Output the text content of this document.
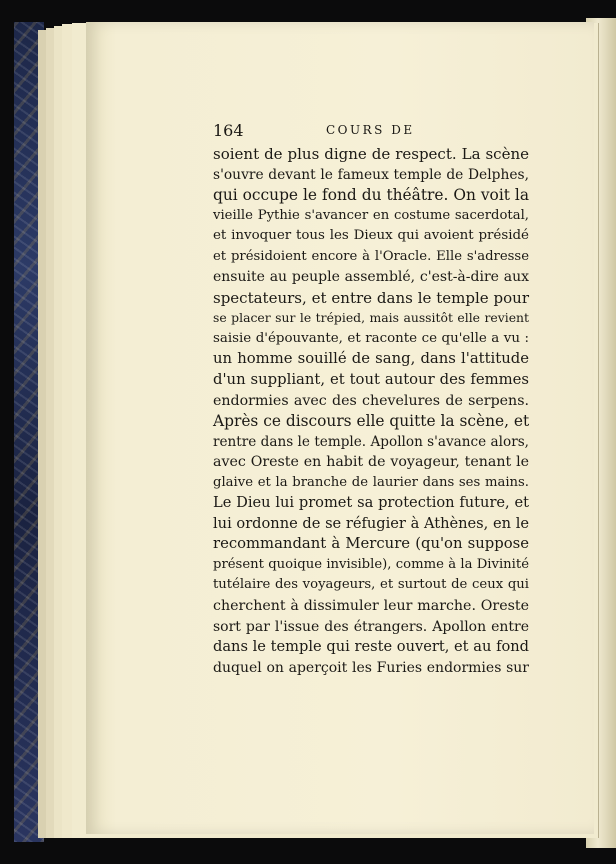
164	COURS DE
soient de plus digne de respect. La scène
s'ouvre devant le fameux temple de Delphes,
qui occupe le fond du théâtre. On voit la
vieille Pythie s'avancer en costume sacerdotal,
et invoquer tous les Dieux qui avoient présidé
et présidoient encore à l'Oracle. Elle s'adresse
ensuite au peuple assemblé, c'est-à-dire aux
spectateurs, et entre dans le temple pour
se placer sur le trépied, mais aussitôt elle revient
saisie d'épouvante, et raconte ce qu'elle a vu :
un homme souillé de sang, dans l'attitude
d'un suppliant, et tout autour des femmes
endormies avec des chevelures de serpens.
Après ce discours elle quitte la scène, et
rentre dans le temple. Apollon s'avance alors,
avec Oreste en habit de voyageur, tenant le
glaive et la branche de laurier dans ses mains.
Le Dieu lui promet sa protection future, et
lui ordonne de se réfugier à Athènes, en le
recommandant à Mercure (qu'on suppose
présent quoique invisible), comme à la Divinité
tutélaire des voyageurs, et surtout de ceux qui
cherchent à dissimuler leur marche. Oreste
sort par l'issue des étrangers. Apollon entre
dans le temple qui reste ouvert, et au fond
duquel on aperçoit les Furies endormies sur
